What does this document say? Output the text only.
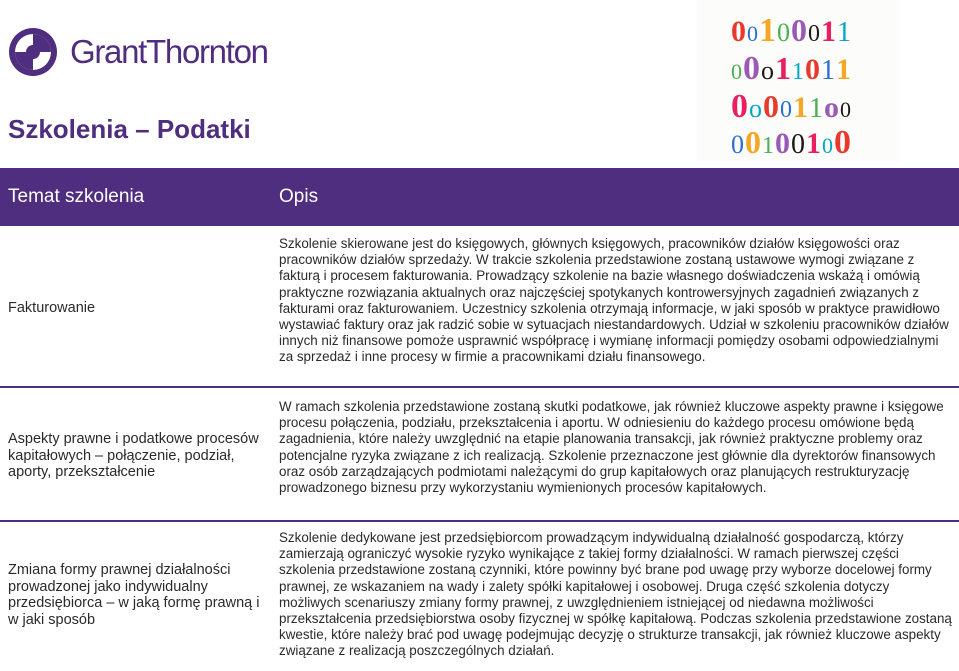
GrantThornton
00100011
00o11011
0o0011o0
00100100
Szkolenia – Podatki
Temat szkolenia	Opis
Fakturowanie
Szkolenie skierowane jest do księgowych, głównych księgowych, pracowników działów księgowości oraz pracowników działów sprzedaży. W trakcie szkolenia przedstawione zostaną ustawowe wymogi związane z fakturą i procesem fakturowania. Prowadzący szkolenie na bazie własnego doświadczenia wskażą i omówią praktyczne rozwiązania aktualnych oraz najczęściej spotykanych kontrowersyjnych zagadnień związanych z fakturami oraz fakturowaniem. Uczestnicy szkolenia otrzymają informacje, w jaki sposób w praktyce prawidłowo wystawiać faktury oraz jak radzić sobie w sytuacjach niestandardowych. Udział w szkoleniu pracowników działów innych niż finansowe pomoże usprawnić współpracę i wymianę informacji pomiędzy osobami odpowiedzialnymi za sprzedaż i inne procesy w firmie a pracownikami działu finansowego.
Aspekty prawne i podatkowe procesów kapitałowych – połączenie, podział, aporty, przekształcenie
W ramach szkolenia przedstawione zostaną skutki podatkowe, jak również kluczowe aspekty prawne i księgowe procesu połączenia, podziału, przekształcenia i aportu. W odniesieniu do każdego procesu omówione będą zagadnienia, które należy uwzględnić na etapie planowania transakcji, jak również praktyczne problemy oraz potencjalne ryzyka związane z ich realizacją. Szkolenie przeznaczone jest głównie dla dyrektorów finansowych oraz osób zarządzających podmiotami należącymi do grup kapitałowych oraz planujących restrukturyzację prowadzonego biznesu przy wykorzystaniu wymienionych procesów kapitałowych.
Zmiana formy prawnej działalności prowadzonej jako indywidualny przedsiębiorca – w jaką formę prawną i w jaki sposób
Szkolenie dedykowane jest przedsiębiorcom prowadzącym indywidualną działalność gospodarczą, którzy zamierzają ograniczyć wysokie ryzyko wynikające z takiej formy działalności. W ramach pierwszej części szkolenia przedstawione zostaną czynniki, które powinny być brane pod uwagę przy wyborze docelowej formy prawnej, ze wskazaniem na wady i zalety spółki kapitałowej i osobowej. Druga część szkolenia dotyczy możliwych scenariuszy zmiany formy prawnej, z uwzględnieniem istniejącej od niedawna możliwości przekształcenia przedsiębiorstwa osoby fizycznej w spółkę kapitałową. Podczas szkolenia przedstawione zostaną kwestie, które należy brać pod uwagę podejmując decyzję o strukturze transakcji, jak również kluczowe aspekty związane z realizacją poszczególnych działań.
